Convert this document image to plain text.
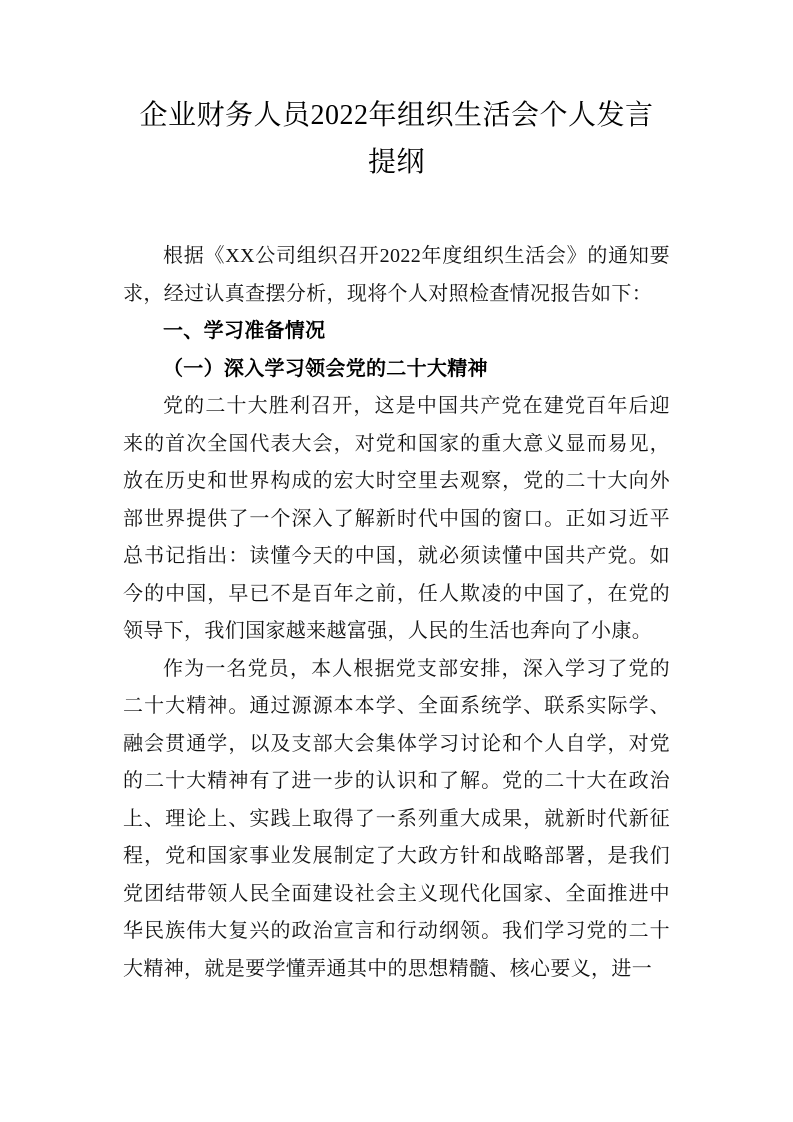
企业财务人员2022年组织生活会个人发言提纲

根据《XX公司组织召开2022年度组织生活会》的通知要求，经过认真查摆分析，现将个人对照检查情况报告如下：

一、学习准备情况

（一）深入学习领会党的二十大精神

党的二十大胜利召开，这是中国共产党在建党百年后迎来的首次全国代表大会，对党和国家的重大意义显而易见，放在历史和世界构成的宏大时空里去观察，党的二十大向外部世界提供了一个深入了解新时代中国的窗口。正如习近平总书记指出：读懂今天的中国，就必须读懂中国共产党。如今的中国，早已不是百年之前，任人欺凌的中国了，在党的领导下，我们国家越来越富强，人民的生活也奔向了小康。

作为一名党员，本人根据党支部安排，深入学习了党的二十大精神。通过源源本本学、全面系统学、联系实际学、融会贯通学，以及支部大会集体学习讨论和个人自学，对党的二十大精神有了进一步的认识和了解。党的二十大在政治上、理论上、实践上取得了一系列重大成果，就新时代新征程，党和国家事业发展制定了大政方针和战略部署，是我们党团结带领人民全面建设社会主义现代化国家、全面推进中华民族伟大复兴的政治宣言和行动纲领。我们学习党的二十大精神，就是要学懂弄通其中的思想精髓、核心要义，进一
